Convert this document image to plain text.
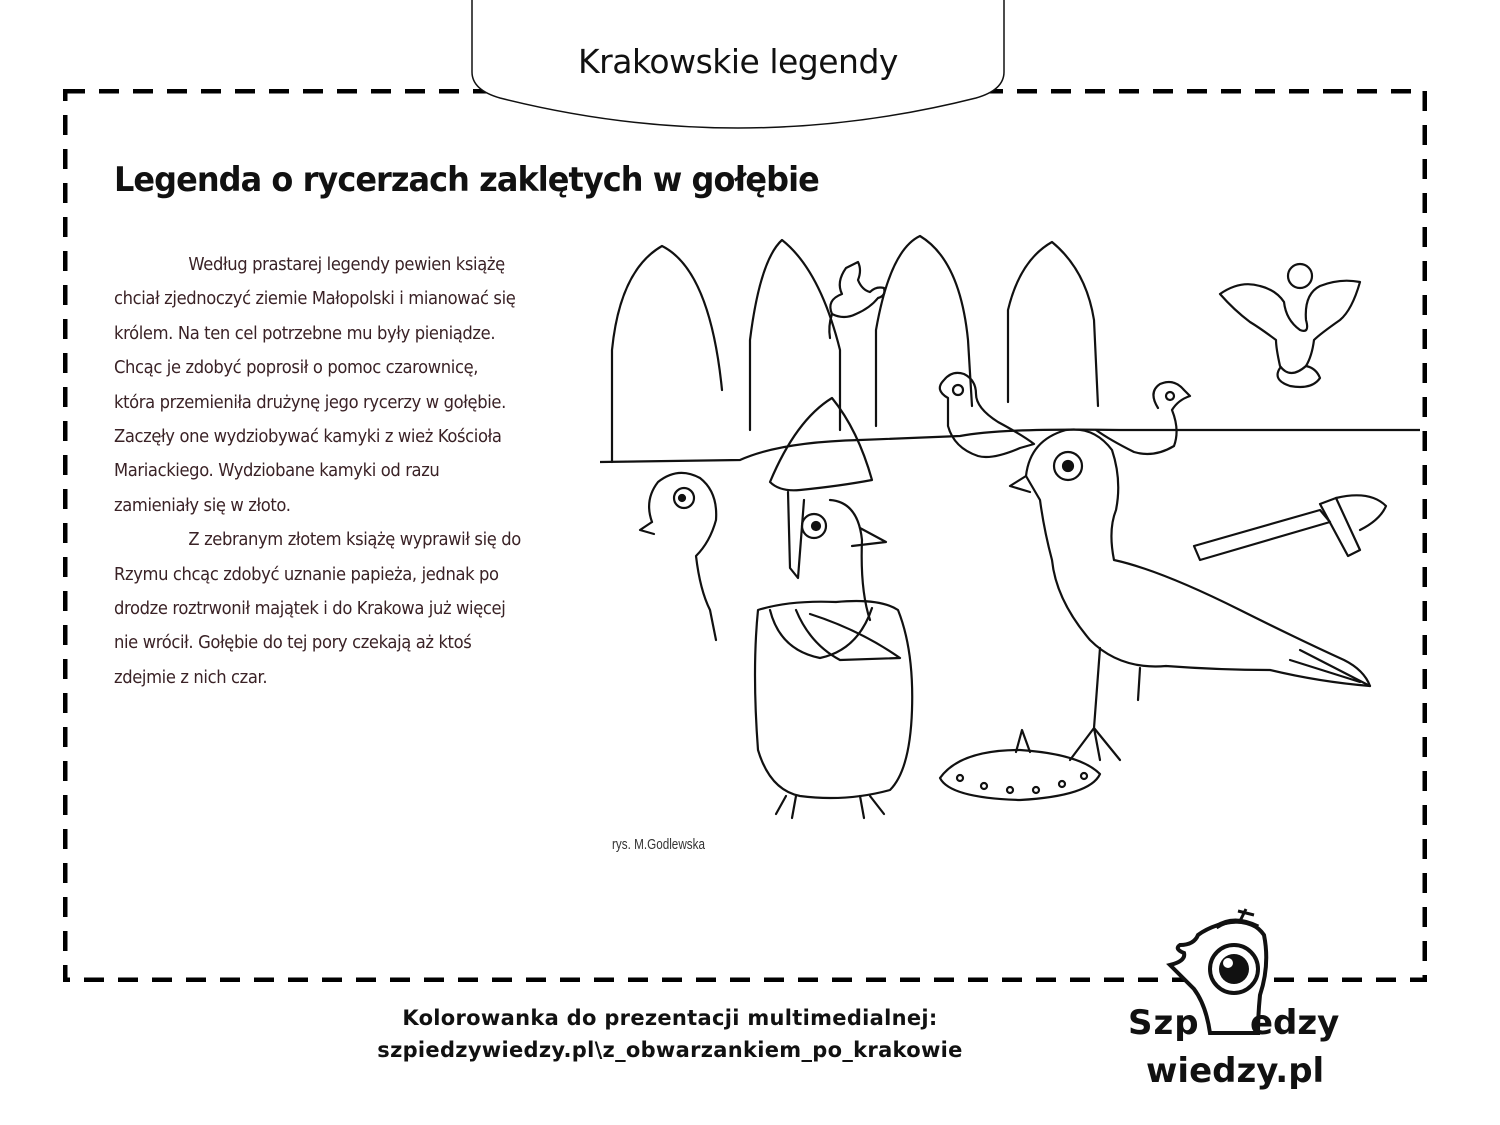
Krakowskie legendy
Legenda o rycerzach zaklętych w gołębie
Według prastarej legendy pewien książę
chciał zjednoczyć ziemie Małopolski i mianować się
królem. Na ten cel potrzebne mu były pieniądze.
Chcąc je zdobyć poprosił o pomoc czarownicę,
która przemieniła drużynę jego rycerzy w gołębie.
Zaczęły one wydziobywać kamyki z wież Kościoła
Mariackiego. Wydziobane kamyki od razu
zamieniały się w złoto.
Z zebranym złotem książę wyprawił się do
Rzymu chcąc zdobyć uznanie papieża, jednak po
drodze roztrwonił majątek i do Krakowa już więcej
nie wrócił. Gołębie do tej pory czekają aż ktoś
zdejmie z nich czar.
rys. M.Godlewska
Kolorowanka do prezentacji multimedialnej:
szpiedzywiedzy.pl\z_obwarzankiem_po_krakowie
Szp edzy
wiedzy.pl
